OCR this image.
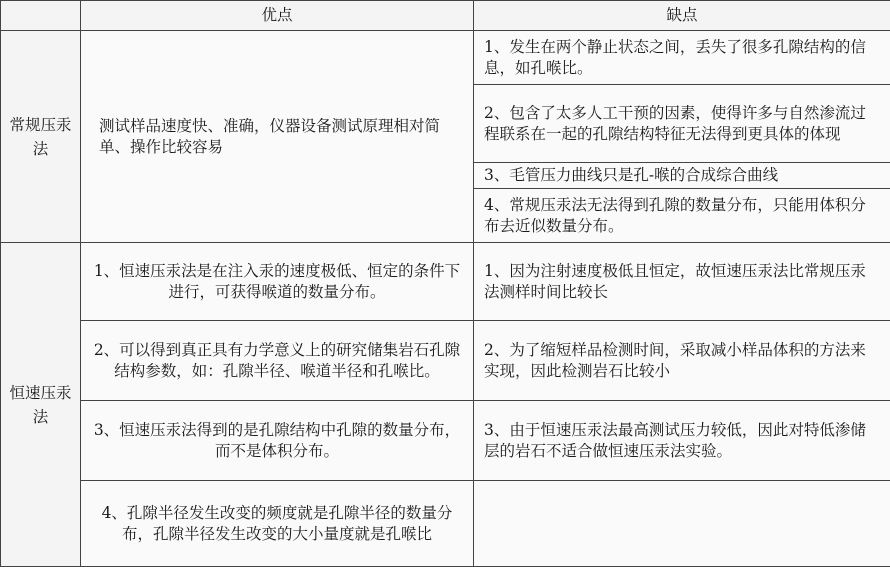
	优点	缺点
常规压汞法	测试样品速度快、准确，仪器设备测试原理相对简单、操作比较容易	1、发生在两个静止状态之间，丢失了很多孔隙结构的信息，如孔喉比。
		2、包含了太多人工干预的因素，使得许多与自然渗流过程联系在一起的孔隙结构特征无法得到更具体的体现
		3、毛管压力曲线只是孔-喉的合成综合曲线
		4、常规压汞法无法得到孔隙的数量分布，只能用体积分布去近似数量分布。
恒速压汞法	1、恒速压汞法是在注入汞的速度极低、恒定的条件下进行，可获得喉道的数量分布。	1、因为注射速度极低且恒定，故恒速压汞法比常规压汞法测样时间比较长
	2、可以得到真正具有力学意义上的研究储集岩石孔隙结构参数，如：孔隙半径、喉道半径和孔喉比。	2、为了缩短样品检测时间，采取减小样品体积的方法来实现，因此检测岩石比较小
	3、恒速压汞法得到的是孔隙结构中孔隙的数量分布，而不是体积分布。	3、由于恒速压汞法最高测试压力较低，因此对特低渗储层的岩石不适合做恒速压汞法实验。
	4、孔隙半径发生改变的频度就是孔隙半径的数量分布，孔隙半径发生改变的大小量度就是孔喉比	
